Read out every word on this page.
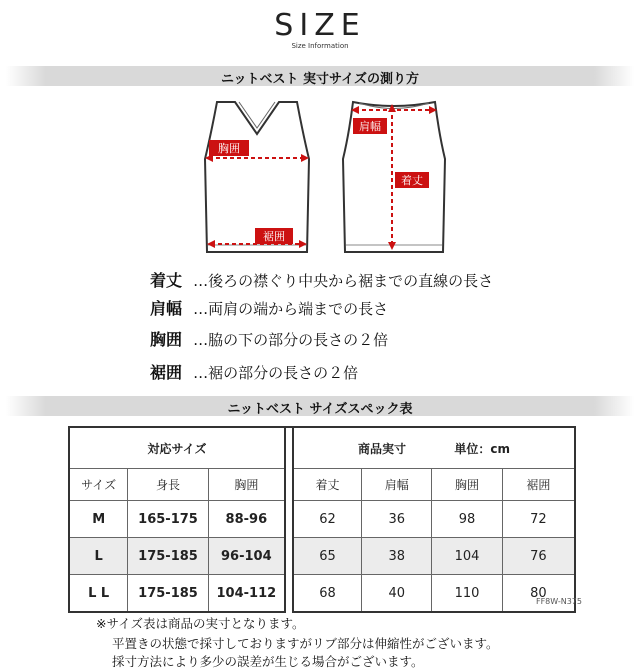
SIZE
Size Information
ニットベスト 実寸サイズの測り方
胸囲
裾囲
肩幅
着丈
着丈 …後ろの襟ぐり中央から裾までの直線の長さ
肩幅 …両肩の端から端までの長さ
胸囲 …脇の下の部分の長さの２倍
裾囲 …裾の部分の長さの２倍
ニットベスト サイズスペック表
対応サイズ				商品実寸 単位：cm			
サイズ	身長	胸囲		着丈	肩幅	胸囲	裾囲
M	165-175	88-96		62	36	98	72
L	175-185	96-104		65	38	104	76
L L	175-185	104-112		68	40	110	80
FF8W-N375
※サイズ表は商品の実寸となります。
平置きの状態で採寸しておりますがリブ部分は伸縮性がございます。
採寸方法により多少の誤差が生じる場合がございます。
